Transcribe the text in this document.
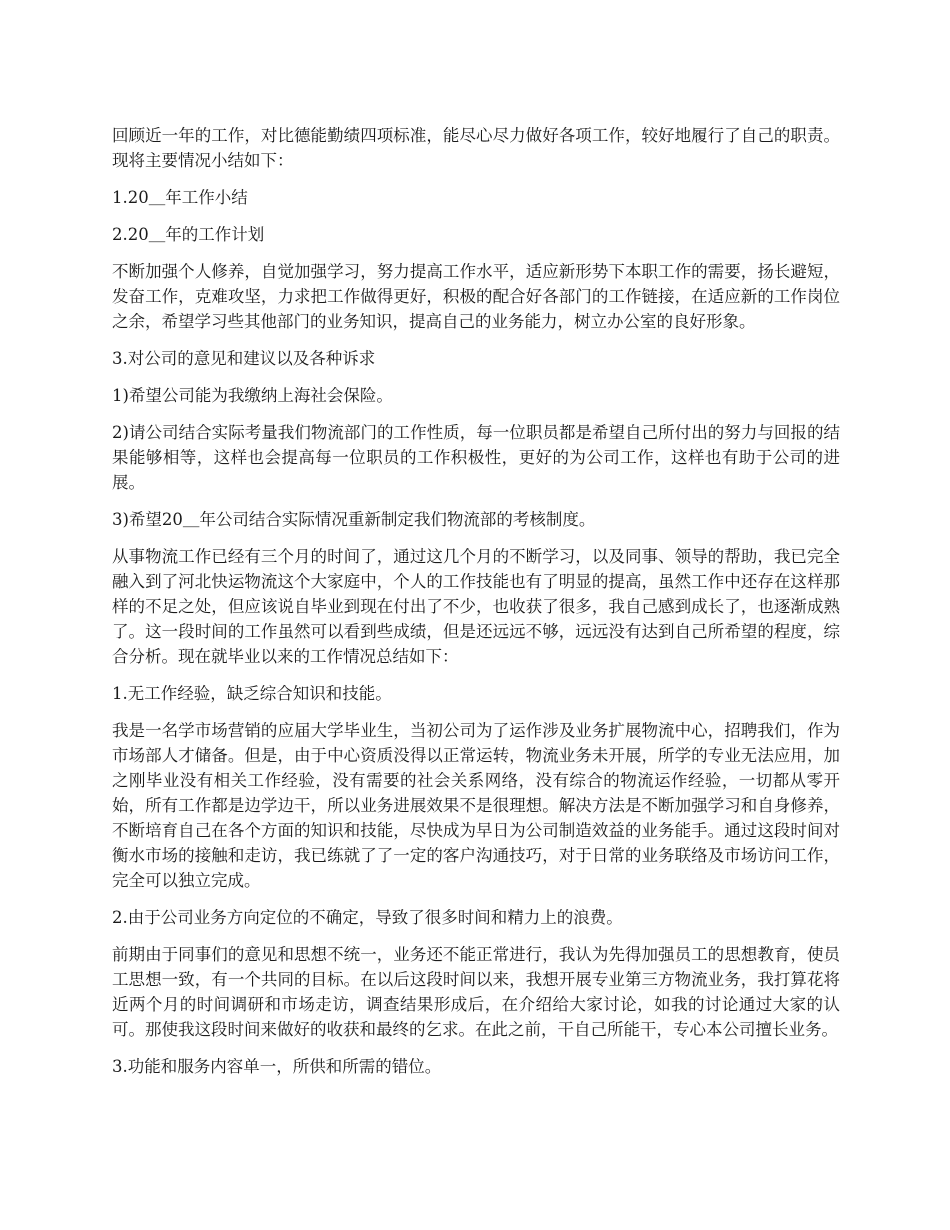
回顾近一年的工作，对比德能勤绩四项标准，能尽心尽力做好各项工作，较好地履行了自己的职责。现将主要情况小结如下：

1.20＿年工作小结

2.20＿年的工作计划

不断加强个人修养，自觉加强学习，努力提高工作水平，适应新形势下本职工作的需要，扬长避短，发奋工作，克难攻坚，力求把工作做得更好，积极的配合好各部门的工作链接，在适应新的工作岗位之余，希望学习些其他部门的业务知识，提高自己的业务能力，树立办公室的良好形象。

3.对公司的意见和建议以及各种诉求

1)希望公司能为我缴纳上海社会保险。

2)请公司结合实际考量我们物流部门的工作性质，每一位职员都是希望自己所付出的努力与回报的结果能够相等，这样也会提高每一位职员的工作积极性，更好的为公司工作，这样也有助于公司的进展。

3)希望20＿年公司结合实际情况重新制定我们物流部的考核制度。

从事物流工作已经有三个月的时间了，通过这几个月的不断学习，以及同事、领导的帮助，我已完全融入到了河北快运物流这个大家庭中，个人的工作技能也有了明显的提高，虽然工作中还存在这样那样的不足之处，但应该说自毕业到现在付出了不少，也收获了很多，我自己感到成长了，也逐渐成熟了。这一段时间的工作虽然可以看到些成绩，但是还远远不够，远远没有达到自己所希望的程度，综合分析。现在就毕业以来的工作情况总结如下：

1.无工作经验，缺乏综合知识和技能。

我是一名学市场营销的应届大学毕业生，当初公司为了运作涉及业务扩展物流中心，招聘我们，作为市场部人才储备。但是，由于中心资质没得以正常运转，物流业务未开展，所学的专业无法应用，加之刚毕业没有相关工作经验，没有需要的社会关系网络，没有综合的物流运作经验，一切都从零开始，所有工作都是边学边干，所以业务进展效果不是很理想。解决方法是不断加强学习和自身修养，不断培育自己在各个方面的知识和技能，尽快成为早日为公司制造效益的业务能手。通过这段时间对衡水市场的接触和走访，我已练就了了一定的客户沟通技巧，对于日常的业务联络及市场访问工作，完全可以独立完成。

2.由于公司业务方向定位的不确定，导致了很多时间和精力上的浪费。

前期由于同事们的意见和思想不统一，业务还不能正常进行，我认为先得加强员工的思想教育，使员工思想一致，有一个共同的目标。在以后这段时间以来，我想开展专业第三方物流业务，我打算花将近两个月的时间调研和市场走访，调查结果形成后，在介绍给大家讨论，如我的讨论通过大家的认可。那使我这段时间来做好的收获和最终的乞求。在此之前，干自己所能干，专心本公司擅长业务。

3.功能和服务内容单一，所供和所需的错位。
